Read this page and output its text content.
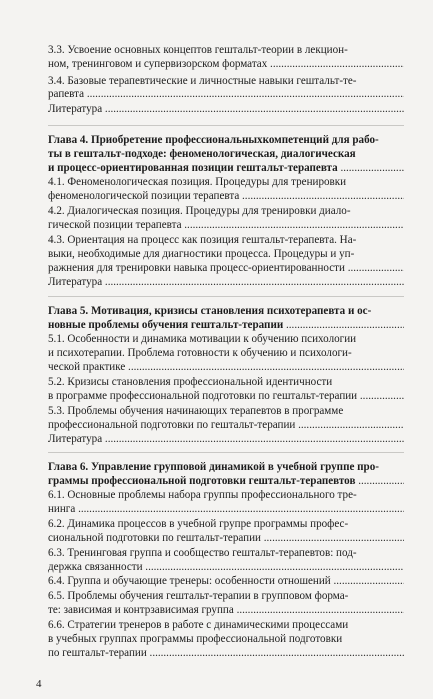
3.3. Усвоение основных концептов гештальт-теории в лекцион-
ном, тренинговом и супервизорском форматах .....
3.4. Базовые терапевтические и личностные навыки гештальт-те-
рапевта .....
Литература .....
Глава 4. Приобретение профессиональныхкомпетенций для рабо-
ты в гештальт-подходе: феноменологическая, диалогическая
и процесс-ориентированная позиции гештальт-терапевта .....
4.1. Феноменологическая позиция. Процедуры для тренировки
феноменологической позиции терапевта .....
4.2. Диалогическая позиция. Процедуры для тренировки диало-
гической позиции терапевта .....
4.3. Ориентация на процесс как позиция гештальт-терапевта. На-
выки, необходимые для диагностики процесса. Процедуры и уп-
ражнения для тренировки навыка процесс-ориентированности .....
Литература .....
Глава 5. Мотивация, кризисы становления психотерапевта и ос-
новные проблемы обучения гештальт-терапии .....
5.1. Особенности и динамика мотивации к обучению психологии
и психотерапии. Проблема готовности к обучению и психологи-
ческой практике .....
5.2. Кризисы становления профессиональной идентичности
в программе профессиональной подготовки по гештальт-терапии .....
5.3. Проблемы обучения начинающих терапевтов в программе
профессиональной подготовки по гештальт-терапии .....
Литература .....
Глава 6. Управление групповой динамикой в учебной группе про-
граммы профессиональной подготовки гештальт-терапевтов .....
6.1. Основные проблемы набора группы профессионального тре-
нинга .....
6.2. Динамика процессов в учебной групре программы профес-
сиональной подготовки по гештальт-терапии .....
6.3. Тренинговая группа и сообщество гештальт-терапевтов: под-
держка связанности .....
6.4. Группа и обучающие тренеры: особенности отношений .....
6.5. Проблемы обучения гештальт-терапии в групповом форма-
те: зависимая и контрзависимая группа .....
6.6. Стратегии тренеров в работе с динамическими процессами
в учебных группах программы профессиональной подготовки
по гештальт-терапии .....
4
